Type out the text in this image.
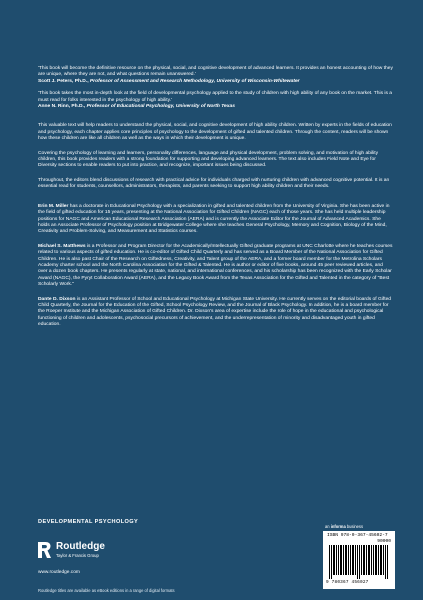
'This book will become the definitive resource on the physical, social, and cognitive development of advanced learners. It provides an honest accounting of how they are unique, where they are not, and what questions remain unanswered.'

Scott J. Peters, Ph.D., Professor of Assessment and Research Methodology, University of Wisconsin-Whitewater

'This book takes the most in-depth look at the field of developmental psychology applied to the study of children with high ability of any book on the market. This is a must read for folks interested in the psychology of high ability.'

Anne N. Rinn, Ph.D., Professor of Educational Psychology, University of North Texas

This valuable text will help readers to understand the physical, social, and cognitive development of high ability children. Written by experts in the fields of education and psychology, each chapter applies core principles of psychology to the development of gifted and talented children. Through the content, readers will be shown how these children are like all children as well as the ways in which their development is unique.

Covering the psychology of learning and learners, personality differences, language and physical development, problem solving, and motivation of high ability children, this book provides readers with a strong foundation for supporting and developing advanced learners. The text also includes Field Note and Eye for Diversity sections to enable readers to put into practice, and recognize, important issues being discussed.

Throughout, the editors blend discussions of research with practical advice for individuals charged with nurturing children with advanced cognitive potential. It is an essential read for students, counsellors, administrators, therapists, and parents seeking to support high ability children and their needs.

Erin M. Miller has a doctorate in Educational Psychology with a specialization in gifted and talented children from the University of Virginia. She has been active in the field of gifted education for 15 years, presenting at the National Association for Gifted Children (NAGC) each of those years. She has held multiple leadership positions for NAGC and American Educational Research Association (AERA) and is currently the Associate Editor for the Journal of Advanced Academics. She holds an Associate Professor of Psychology position at Bridgewater College where she teaches General Psychology, Memory and Cognition, Biology of the Mind, Creativity and Problem-Solving, and Measurement and Statistics courses.

Michael S. Matthews is a Professor and Program Director for the Academically/Intellectually Gifted graduate programs at UNC Charlotte where he teaches courses related to various aspects of gifted education. He is co-editor of Gifted Child Quarterly and has served as a Board Member of the National Association for Gifted Children. He is also past Chair of the Research on Giftedness, Creativity, and Talent group of the AERA, and a former board member for the Metrolina Scholars Academy charter school and the North Carolina Association for the Gifted & Talented. He is author or editor of five books, around 45 peer reviewed articles, and over a dozen book chapters. He presents regularly at state, national, and international conferences, and his scholarship has been recognized with the Early Scholar Award (NAGC), the Pyryt Collaboration Award (AERA), and the Legacy Book Award from the Texas Association for the Gifted and Talented in the category of "Best Scholarly Work."

Dante D. Dixson is an Assistant Professor of School and Educational Psychology at Michigan State University. He currently serves on the editorial boards of Gifted Child Quarterly, the Journal for the Education of the Gifted, School Psychology Review, and the Journal of Black Psychology. In addition, he is a board member for the Roeper Institute and the Michigan Association of Gifted Children. Dr. Dixson's area of expertise include the role of hope in the educational and psychological functioning of children and adolescents, psychosocial precursors of achievement, and the underrepresentation of minority and disadvantaged youth in gifted education.

DEVELOPMENTAL PSYCHOLOGY
an informa business
Routledge
Taylor & Francis Group
www.routledge.com
Routledge titles are available as eBook editions in a range of digital formats
ISBN 978-0-367-45602-7
90000
9 780367 456027
